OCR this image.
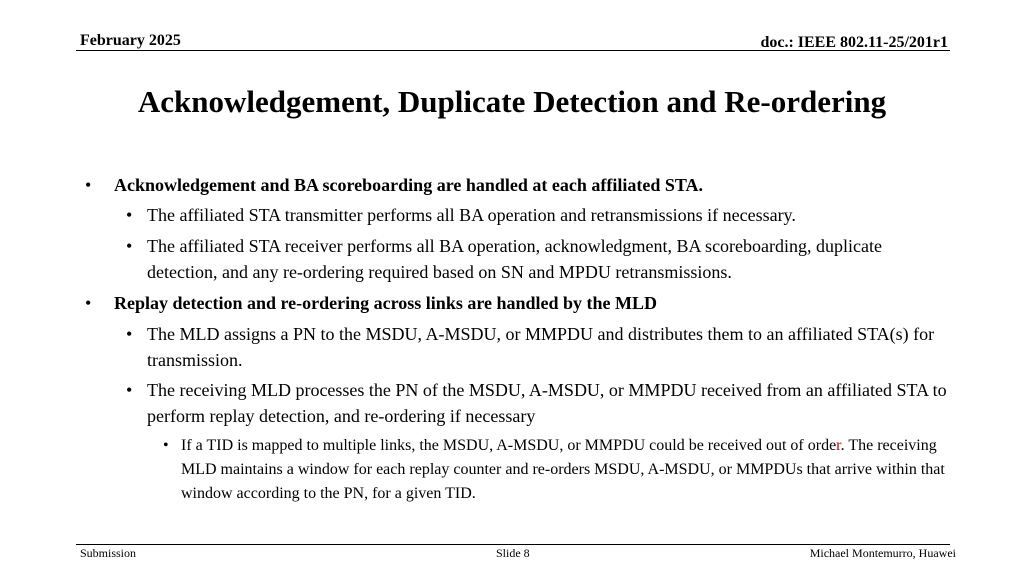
February 2025	doc.: IEEE 802.11-25/201r1
Acknowledgement, Duplicate Detection and Re-ordering
• Acknowledgement and BA scoreboarding are handled at each affiliated STA.
• The affiliated STA transmitter performs all BA operation and retransmissions if necessary.
• The affiliated STA receiver performs all BA operation, acknowledgment, BA scoreboarding, duplicate detection, and any re-ordering required based on SN and MPDU retransmissions.
• Replay detection and re-ordering across links are handled by the MLD
• The MLD assigns a PN to the MSDU, A-MSDU, or MMPDU and distributes them to an affiliated STA(s) for transmission.
• The receiving MLD processes the PN of the MSDU, A-MSDU, or MMPDU received from an affiliated STA to perform replay detection, and re-ordering if necessary
• If a TID is mapped to multiple links, the MSDU, A-MSDU, or MMPDU could be received out of order. The receiving MLD maintains a window for each replay counter and re-orders MSDU, A-MSDU, or MMPDUs that arrive within that window according to the PN, for a given TID.
Submission	Slide 8	Michael Montemurro, Huawei
